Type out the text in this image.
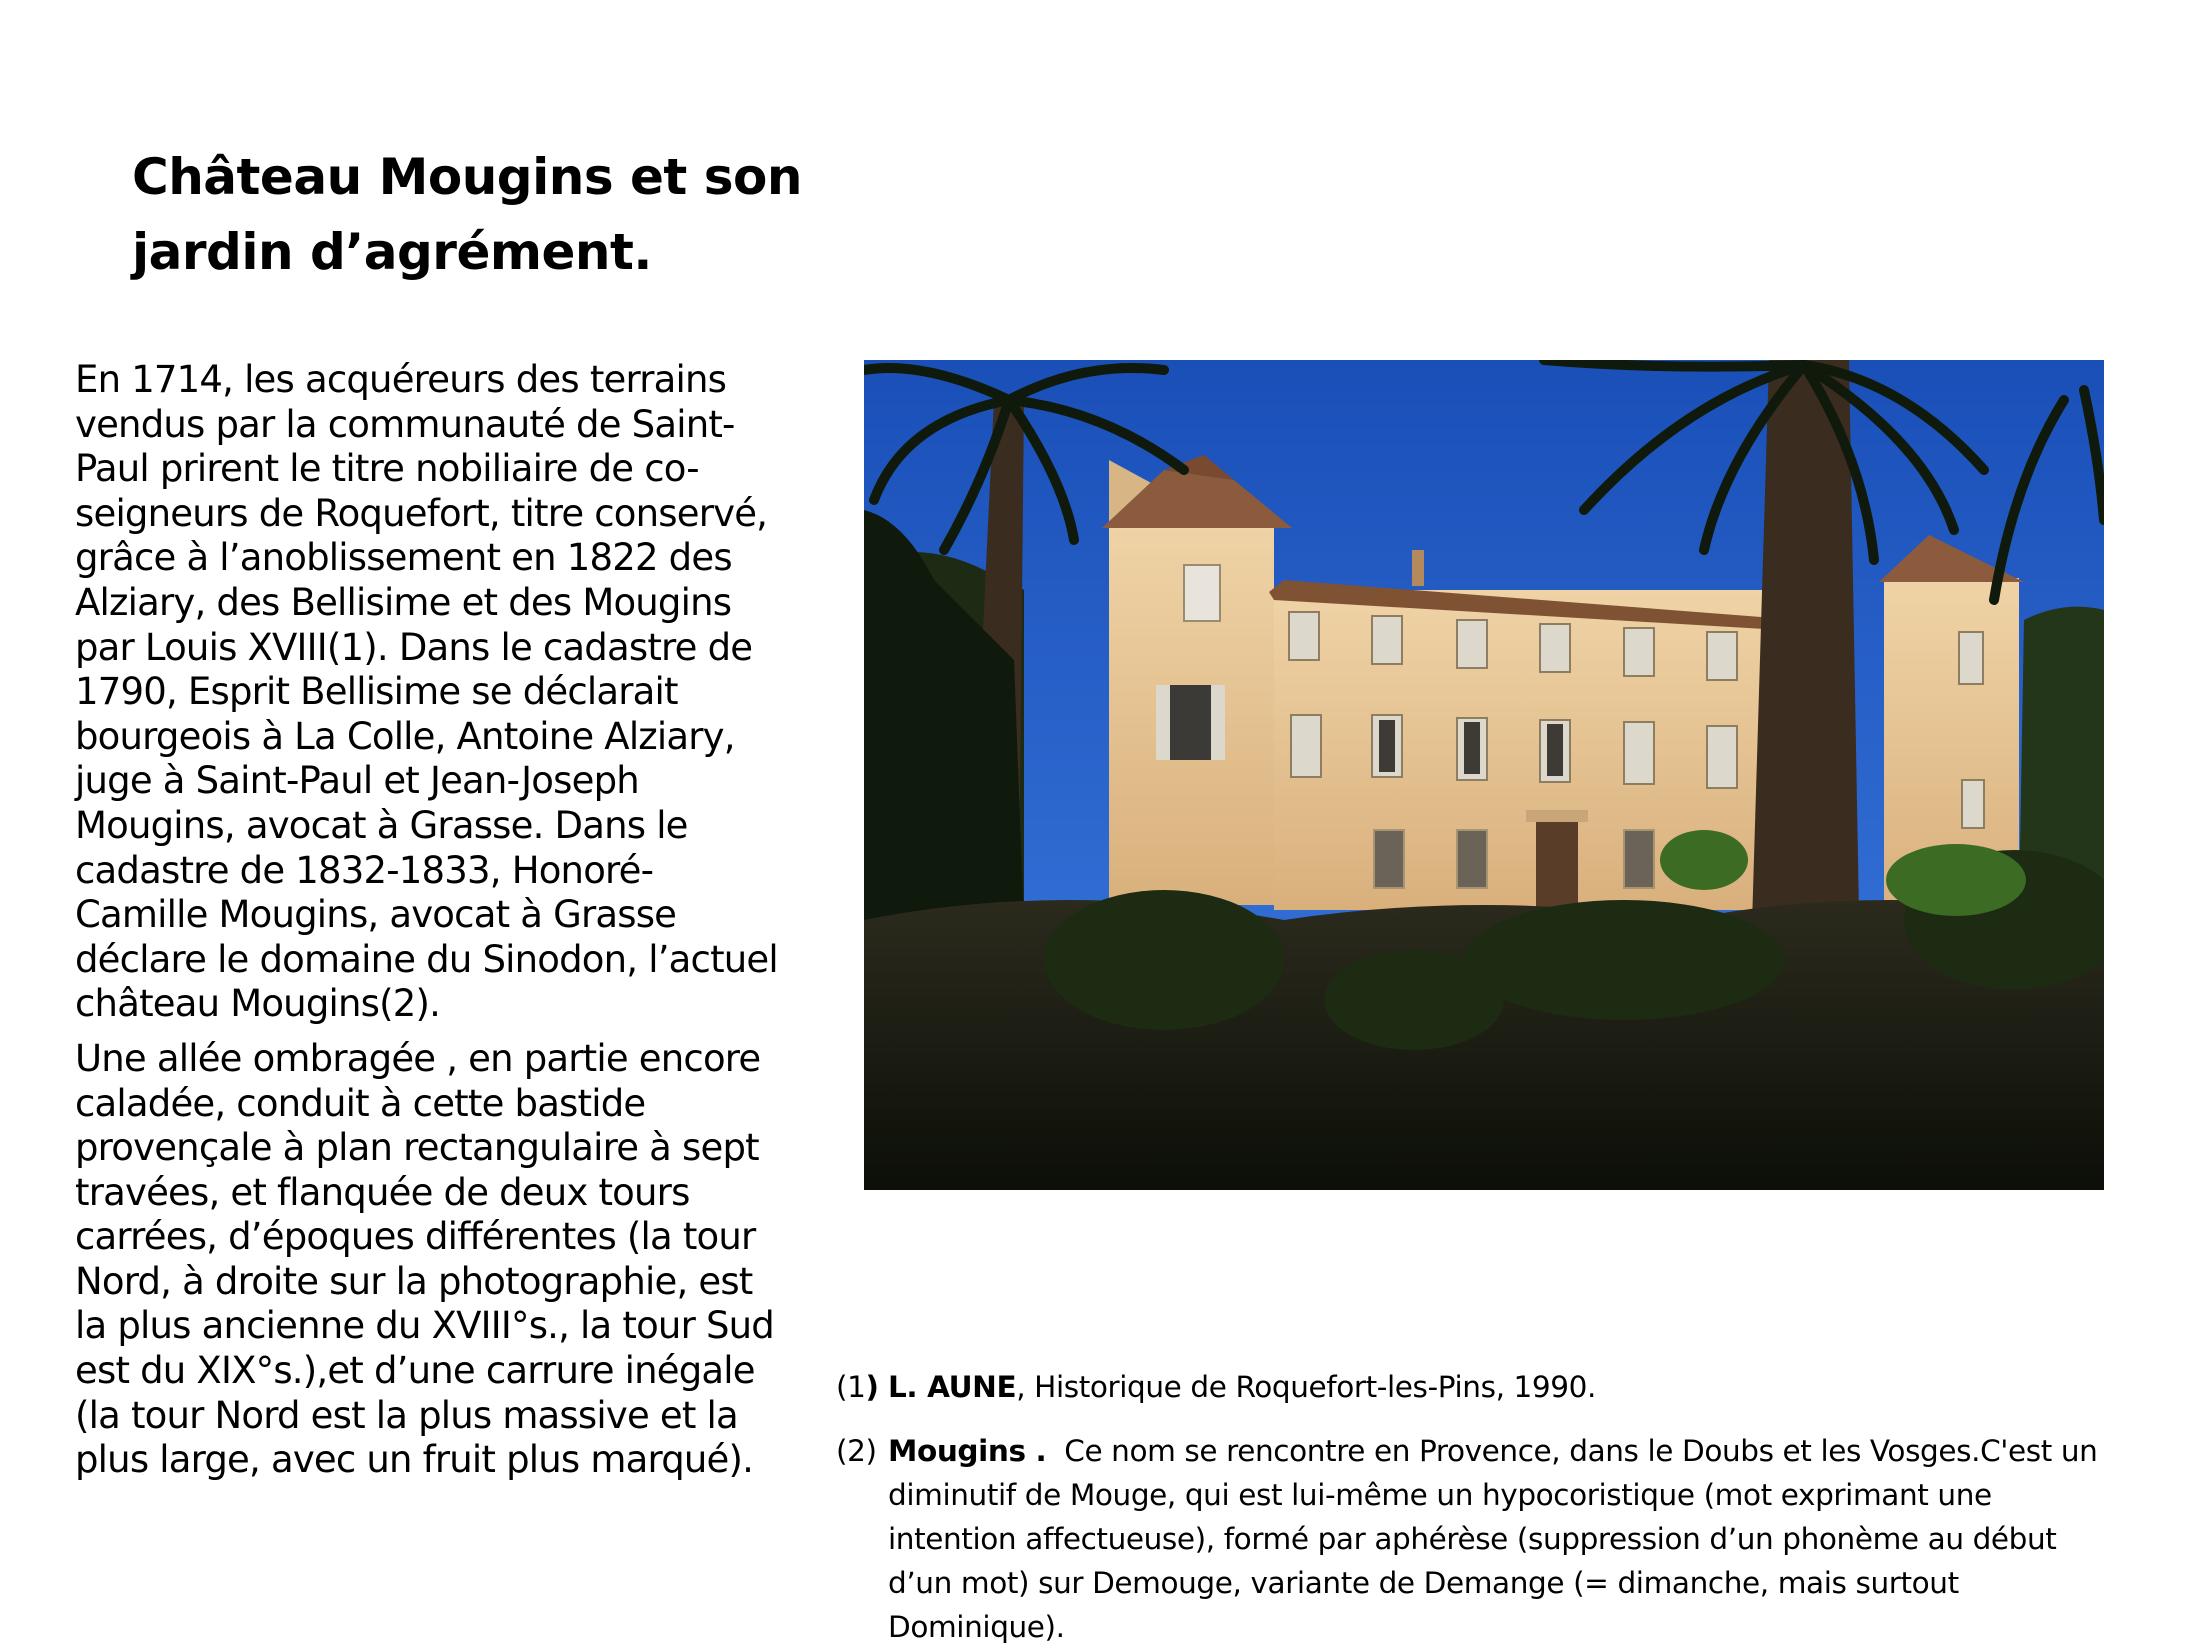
Château Mougins et son
jardin d’agrément.

En 1714, les acquéreurs des terrains
vendus par la communauté de Saint-
Paul prirent le titre nobiliaire de co-
seigneurs de Roquefort, titre conservé,
grâce à l’anoblissement en 1822 des
Alziary, des Bellisime et des Mougins
par Louis XVIII(1). Dans le cadastre de
1790, Esprit Bellisime se déclarait
bourgeois à La Colle, Antoine Alziary,
juge à Saint-Paul et Jean-Joseph
Mougins, avocat à Grasse. Dans le
cadastre de 1832-1833, Honoré-
Camille Mougins, avocat à Grasse
déclare le domaine du Sinodon, l’actuel
château Mougins(2).

Une allée ombragée , en partie encore
caladée, conduit à cette bastide
provençale à plan rectangulaire à sept
travées, et flanquée de deux tours
carrées, d’époques différentes (la tour
Nord, à droite sur la photographie, est
la plus ancienne du XVIII°s., la tour Sud
est du XIX°s.),et d’une carrure inégale
(la tour Nord est la plus massive et la
plus large, avec un fruit plus marqué).

(1) L. AUNE, Historique de Roquefort-les-Pins, 1990.

(2) Mougins .  Ce nom se rencontre en Provence, dans le Doubs et les Vosges.C'est un
diminutif de Mouge, qui est lui-même un hypocoristique (mot exprimant une
intention affectueuse), formé par aphérèse (suppression d’un phonème au début
d’un mot) sur Demouge, variante de Demange (= dimanche, mais surtout
Dominique).
